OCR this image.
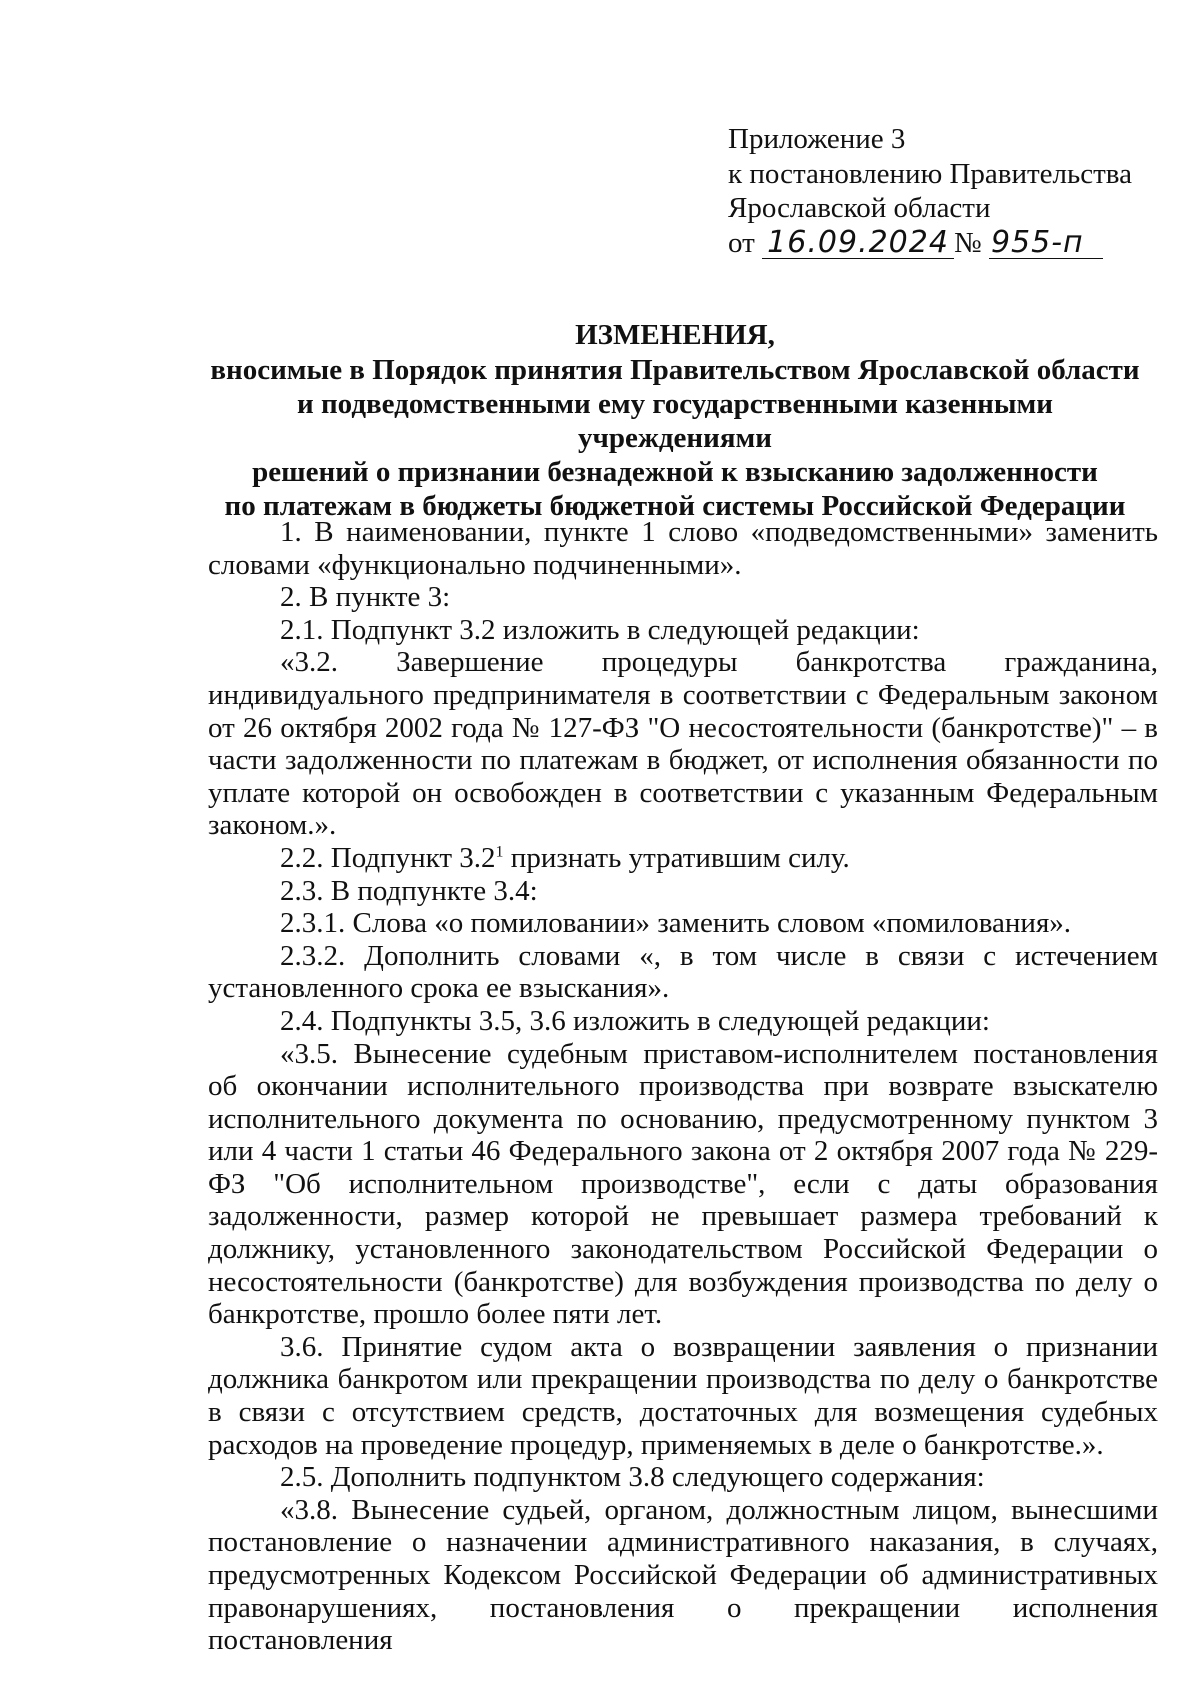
Приложение 3
к постановлению Правительства
Ярославской области
от 16.09.2024 № 955-п
ИЗМЕНЕНИЯ,
вносимые в Порядок принятия Правительством Ярославской области
и подведомственными ему государственными казенными учреждениями
решений о признании безнадежной к взысканию задолженности
по платежам в бюджеты бюджетной системы Российской Федерации

1. В наименовании, пункте 1 слово «подведомственными» заменить словами «функционально подчиненными».

2. В пункте 3:

2.1. Подпункт 3.2 изложить в следующей редакции:

«3.2. Завершение процедуры банкротства гражданина, индивидуального предпринимателя в соответствии с Федеральным законом от 26 октября 2002 года № 127-ФЗ "О несостоятельности (банкротстве)" – в части задолженности по платежам в бюджет, от исполнения обязанности по уплате которой он освобожден в соответствии с указанным Федеральным законом.».

2.2. Подпункт $3.2^1$ признать утратившим силу.

2.3. В подпункте 3.4:

2.3.1. Слова «о помиловании» заменить словом «помилования».

2.3.2. Дополнить словами «, в том числе в связи с истечением установленного срока ее взыскания».

2.4. Подпункты 3.5, 3.6 изложить в следующей редакции:

«3.5. Вынесение судебным приставом-исполнителем постановления об окончании исполнительного производства при возврате взыскателю исполнительного документа по основанию, предусмотренному пунктом 3 или 4 части 1 статьи 46 Федерального закона от 2 октября 2007 года № 229-ФЗ "Об исполнительном производстве", если с даты образования задолженности, размер которой не превышает размера требований к должнику, установленного законодательством Российской Федерации о несостоятельности (банкротстве) для возбуждения производства по делу о банкротстве, прошло более пяти лет.

3.6. Принятие судом акта о возвращении заявления о признании должника банкротом или прекращении производства по делу о банкротстве в связи с отсутствием средств, достаточных для возмещения судебных расходов на проведение процедур, применяемых в деле о банкротстве.».

2.5. Дополнить подпунктом 3.8 следующего содержания:

«3.8. Вынесение судьей, органом, должностным лицом, вынесшими постановление о назначении административного наказания, в случаях, предусмотренных Кодексом Российской Федерации об административных правонарушениях, постановления о прекращении исполнения постановления
